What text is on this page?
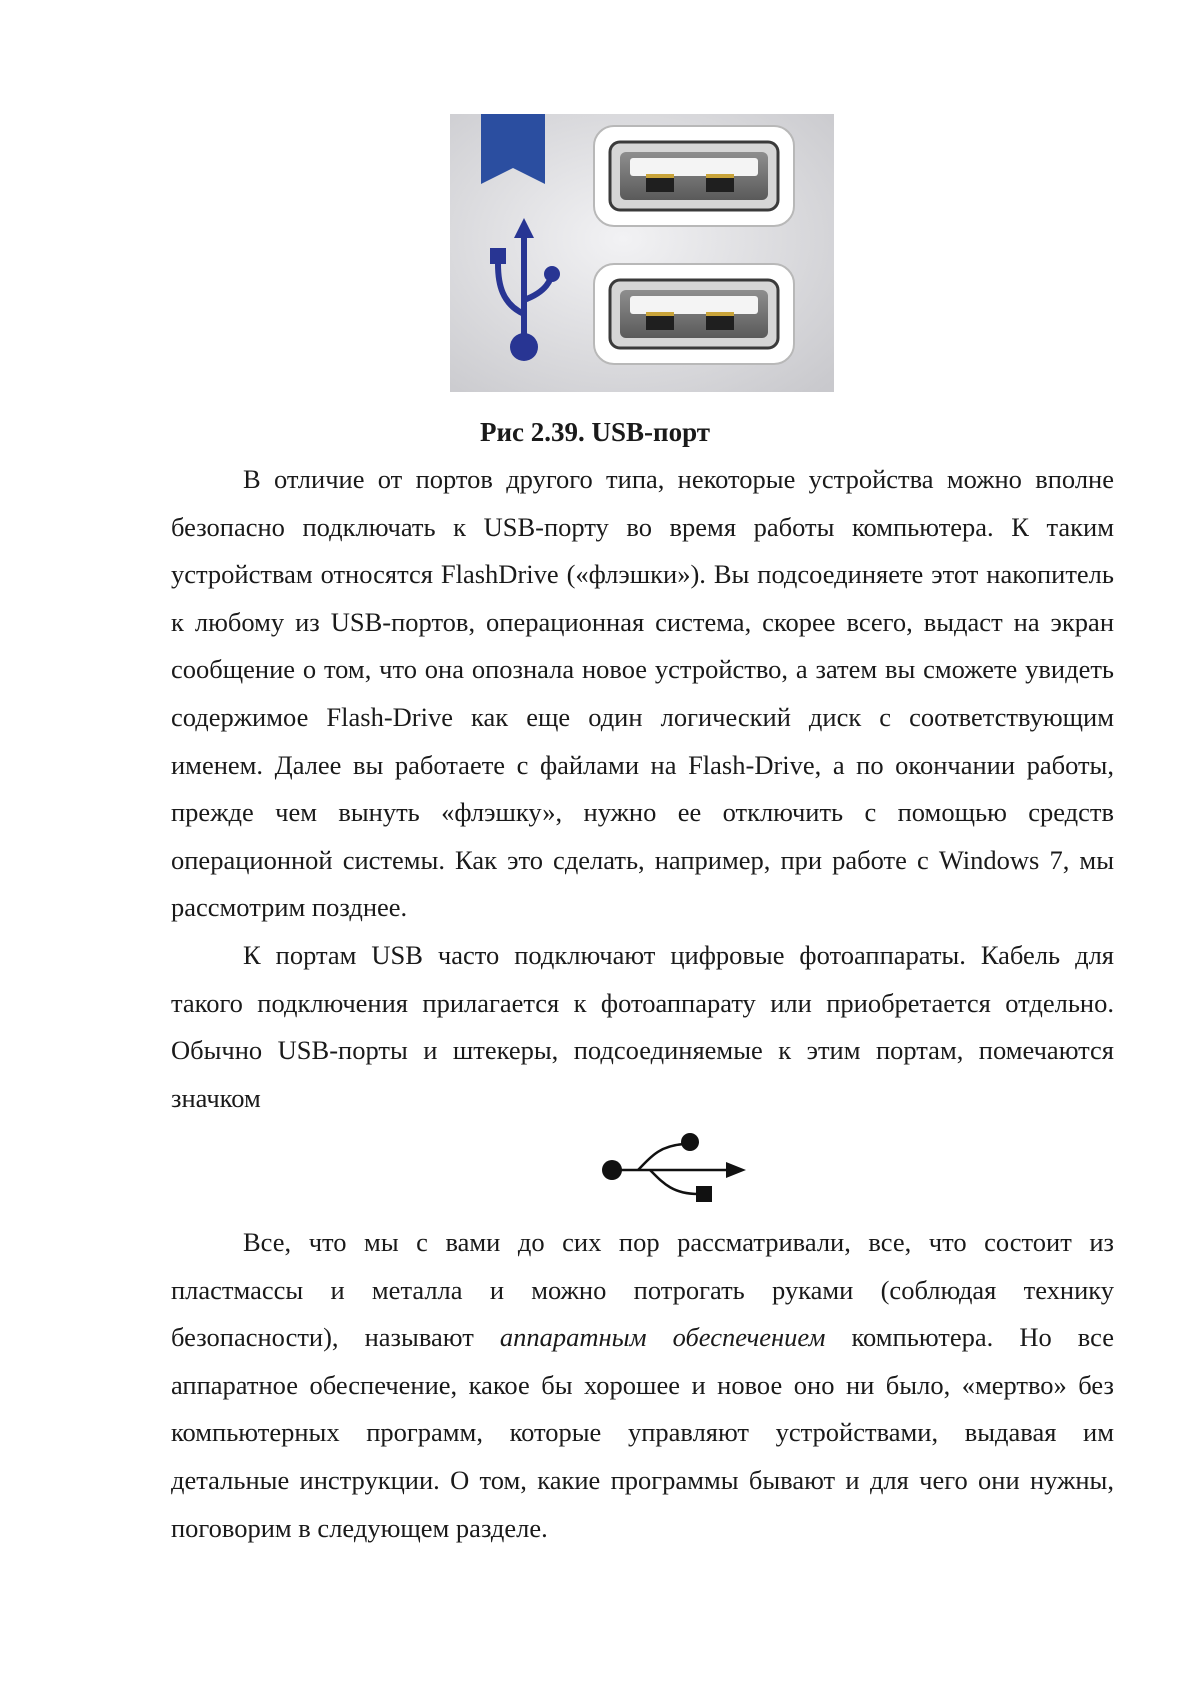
Рис 2.39. USB-порт

В отличие от портов другого типа, некоторые устройства можно вполне безопасно подключать к USB-порту во время работы компьютера. К таким устройствам относятся FlashDrive («флэшки»). Вы подсоединяете этот накопитель к любому из USB-портов, операционная система, скорее всего, выдаст на экран сообщение о том, что она опознала новое устройство, а затем вы сможете увидеть содержимое Flash-Drive как еще один логический диск с соответствующим именем. Далее вы работаете с файлами на Flash-Drive, а по окончании работы, прежде чем вынуть «флэшку», нужно ее отключить с помощью средств операционной системы. Как это сделать, например, при работе с Windows 7, мы рассмотрим позднее.

К портам USB часто подключают цифровые фотоаппараты. Кабель для такого подключения прилагается к фотоаппарату или приобретается отдельно. Обычно USB-порты и штекеры, подсоединяемые к этим портам, помечаются значком

Все, что мы с вами до сих пор рассматривали, все, что состоит из пластмассы и металла и можно потрогать руками (соблюдая технику безопасности), называют аппаратным обеспечением компьютера. Но все аппаратное обеспечение, какое бы хорошее и новое оно ни было, «мертво» без компьютерных программ, которые управляют устройствами, выдавая им детальные инструкции. О том, какие программы бывают и для чего они нужны, поговорим в следующем разделе.
